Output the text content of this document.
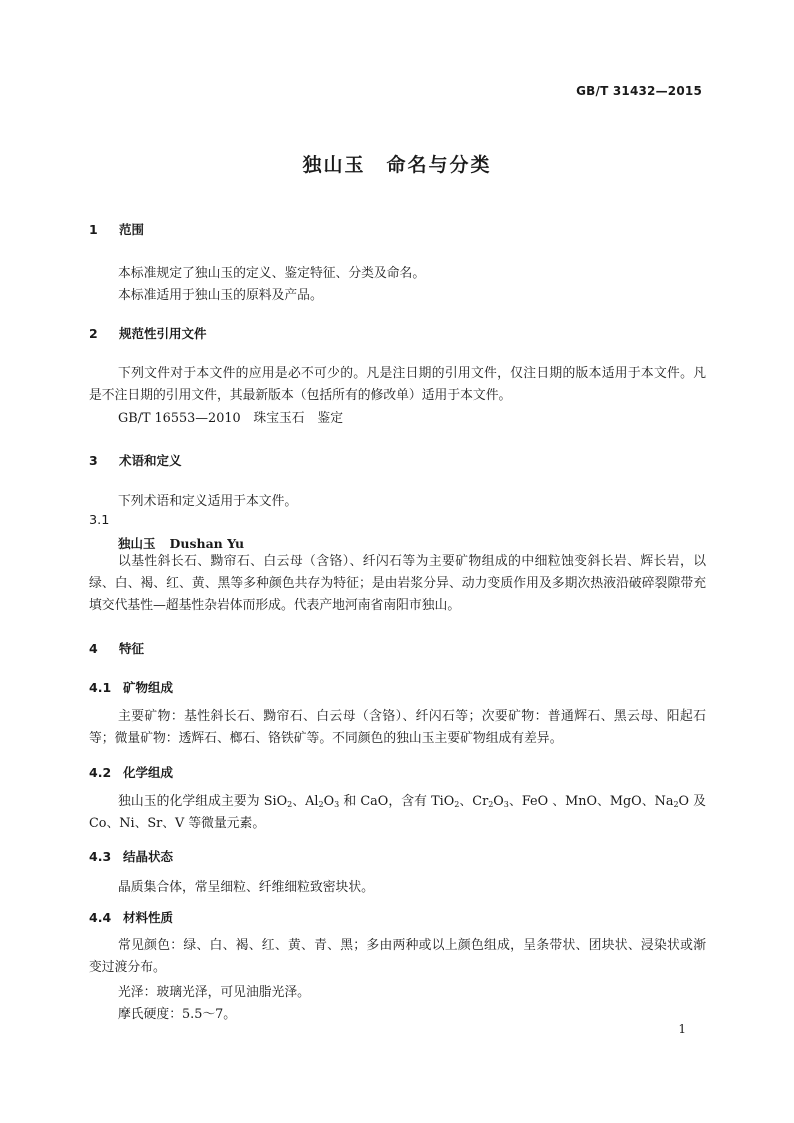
GB/T 31432—2015
独山玉　命名与分类
1 范围
本标准规定了独山玉的定义、鉴定特征、分类及命名。
本标准适用于独山玉的原料及产品。
2 规范性引用文件

下列文件对于本文件的应用是必不可少的。凡是注日期的引用文件，仅注日期的版本适用于本文件。凡是不注日期的引用文件，其最新版本（包括所有的修改单）适用于本文件。

GB/T 16553—2010　珠宝玉石　鉴定
3 术语和定义
下列术语和定义适用于本文件。
3.1
独山玉 Dushan Yu

以基性斜长石、黝帘石、白云母（含铬）、纤闪石等为主要矿物组成的中细粒蚀变斜长岩、辉长岩，以绿、白、褐、红、黄、黑等多种颜色共存为特征；是由岩浆分异、动力变质作用及多期次热液沿破碎裂隙带充填交代基性—超基性杂岩体而形成。代表产地河南省南阳市独山。

4 特征
4.1 矿物组成

主要矿物：基性斜长石、黝帘石、白云母（含铬）、纤闪石等；次要矿物：普通辉石、黑云母、阳起石等；微量矿物：透辉石、榔石、铬铁矿等。不同颜色的独山玉主要矿物组成有差异。

4.2 化学组成

独山玉的化学组成主要为 SiO$_2$、$Al_2O_3$ 和 CaO，含有 TiO$_2$、$Cr_2O_3$、FeO 、MnO、MgO、$Na_2O$ 及 Co、Ni、Sr、V 等微量元素。

4.3 结晶状态
晶质集合体，常呈细粒、纤维细粒致密块状。
4.4 材料性质

常见颜色：绿、白、褐、红、黄、青、黑；多由两种或以上颜色组成，呈条带状、团块状、浸染状或渐变过渡分布。

光泽：玻璃光泽，可见油脂光泽。
摩氏硬度：5.5～7。
1
